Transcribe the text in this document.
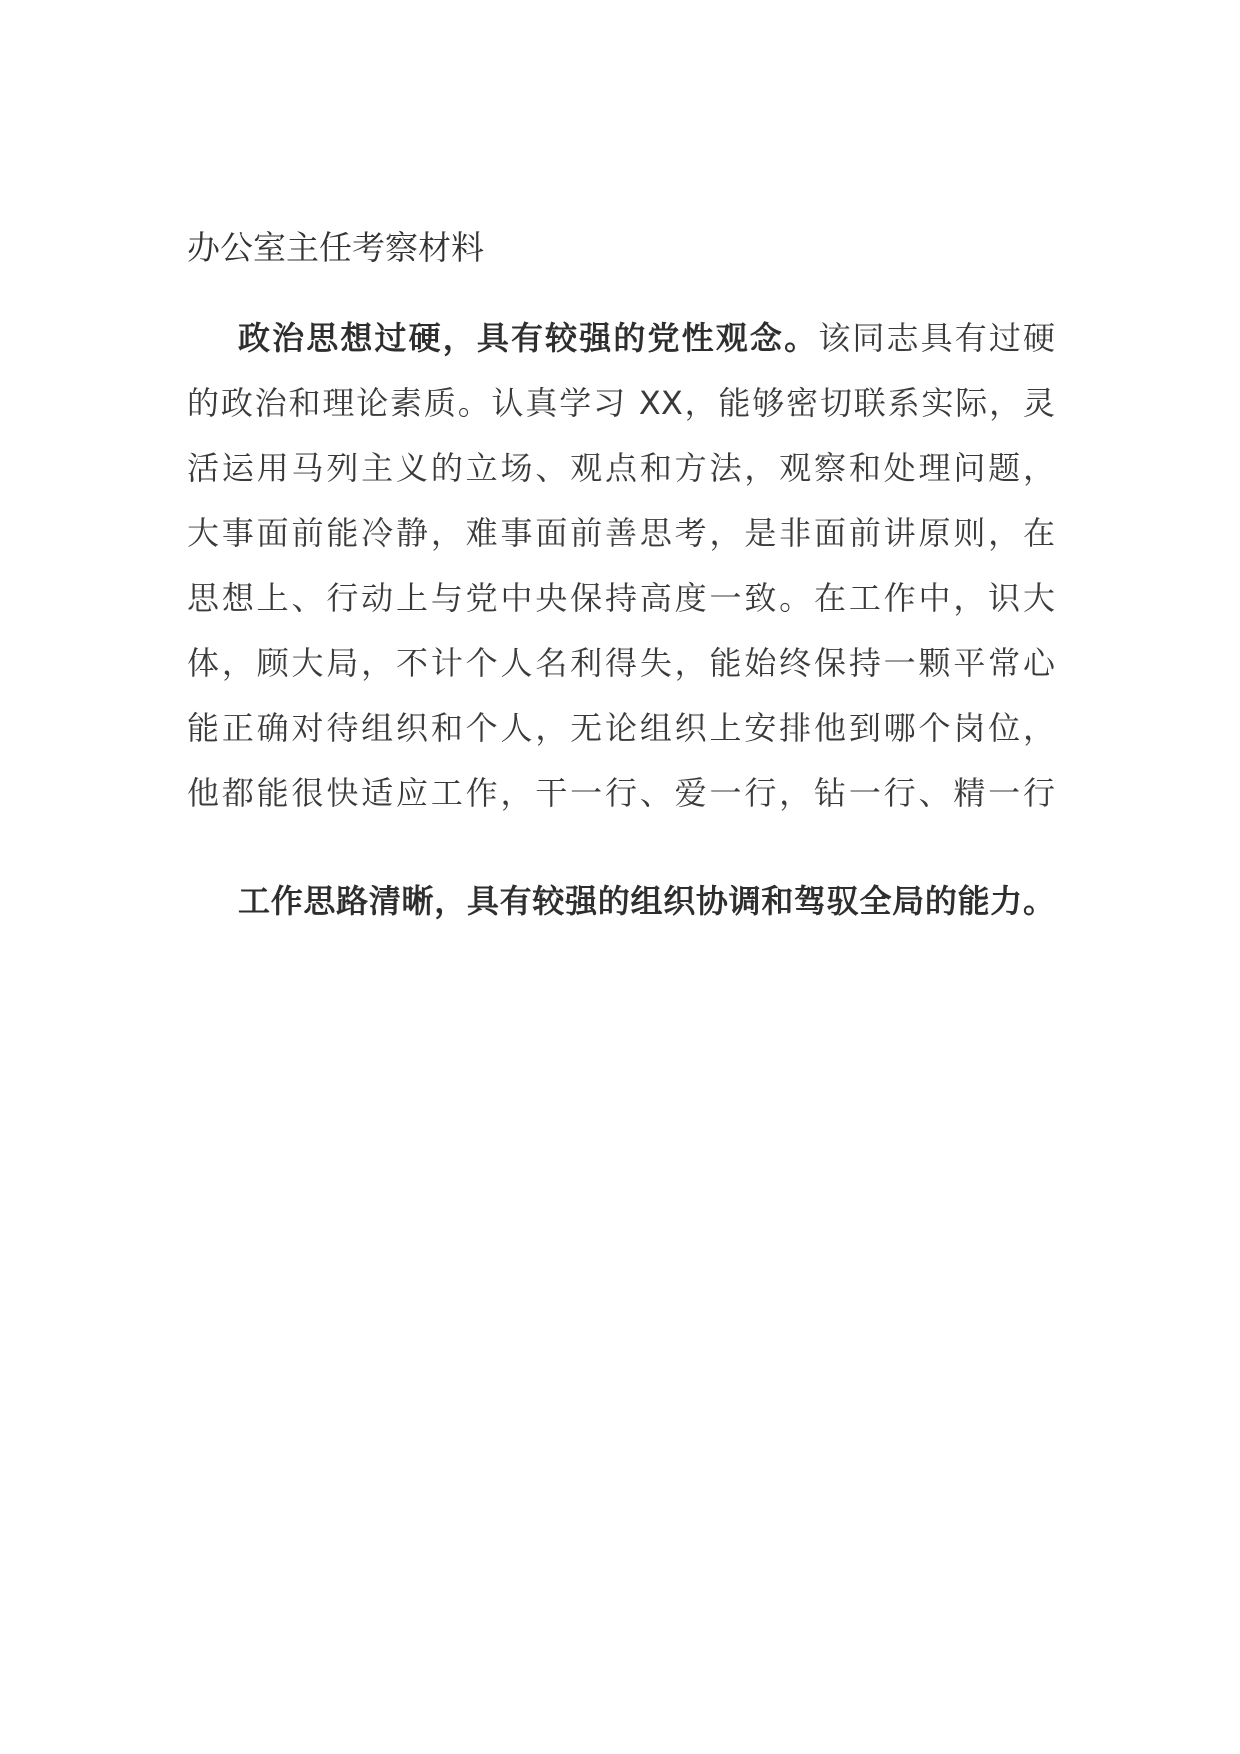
办公室主任考察材料
政治思想过硬，具有较强的党性观念。该同志具有过硬
的政治和理论素质。认真学习 XX，能够密切联系实际，灵
活运用马列主义的立场、观点和方法，观察和处理问题，
大事面前能冷静，难事面前善思考，是非面前讲原则，在
思想上、行动上与党中央保持高度一致。在工作中，识大
体，顾大局，不计个人名利得失，能始终保持一颗平常心
能正确对待组织和个人，无论组织上安排他到哪个岗位，
他都能很快适应工作，干一行、爱一行，钻一行、精一行
工作思路清晰，具有较强的组织协调和驾驭全局的能力。
